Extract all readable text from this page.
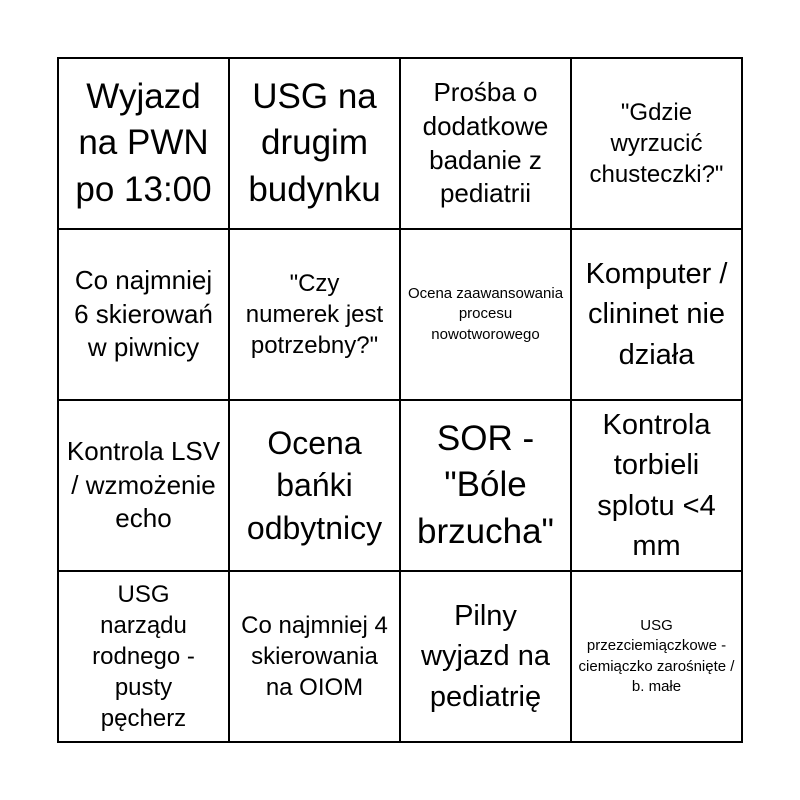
Wyjazd na PWN po 13:00
USG na drugim budynku
Prośba o dodatkowe badanie z pediatrii
"Gdzie wyrzucić chusteczki?"
Co najmniej 6 skierowań w piwnicy
"Czy numerek jest potrzebny?"
Ocena zaawansowania procesu nowotworowego
Komputer / clininet nie działa
Kontrola LSV / wzmożenie echo
Ocena bańki odbytnicy
SOR - "Bóle brzucha"
Kontrola torbieli splotu <4 mm
USG narządu rodnego - pusty pęcherz
Co najmniej 4 skierowania na OIOM
Pilny wyjazd na pediatrię
USG przezciemiączkowe - ciemiączko zarośnięte / b. małe
